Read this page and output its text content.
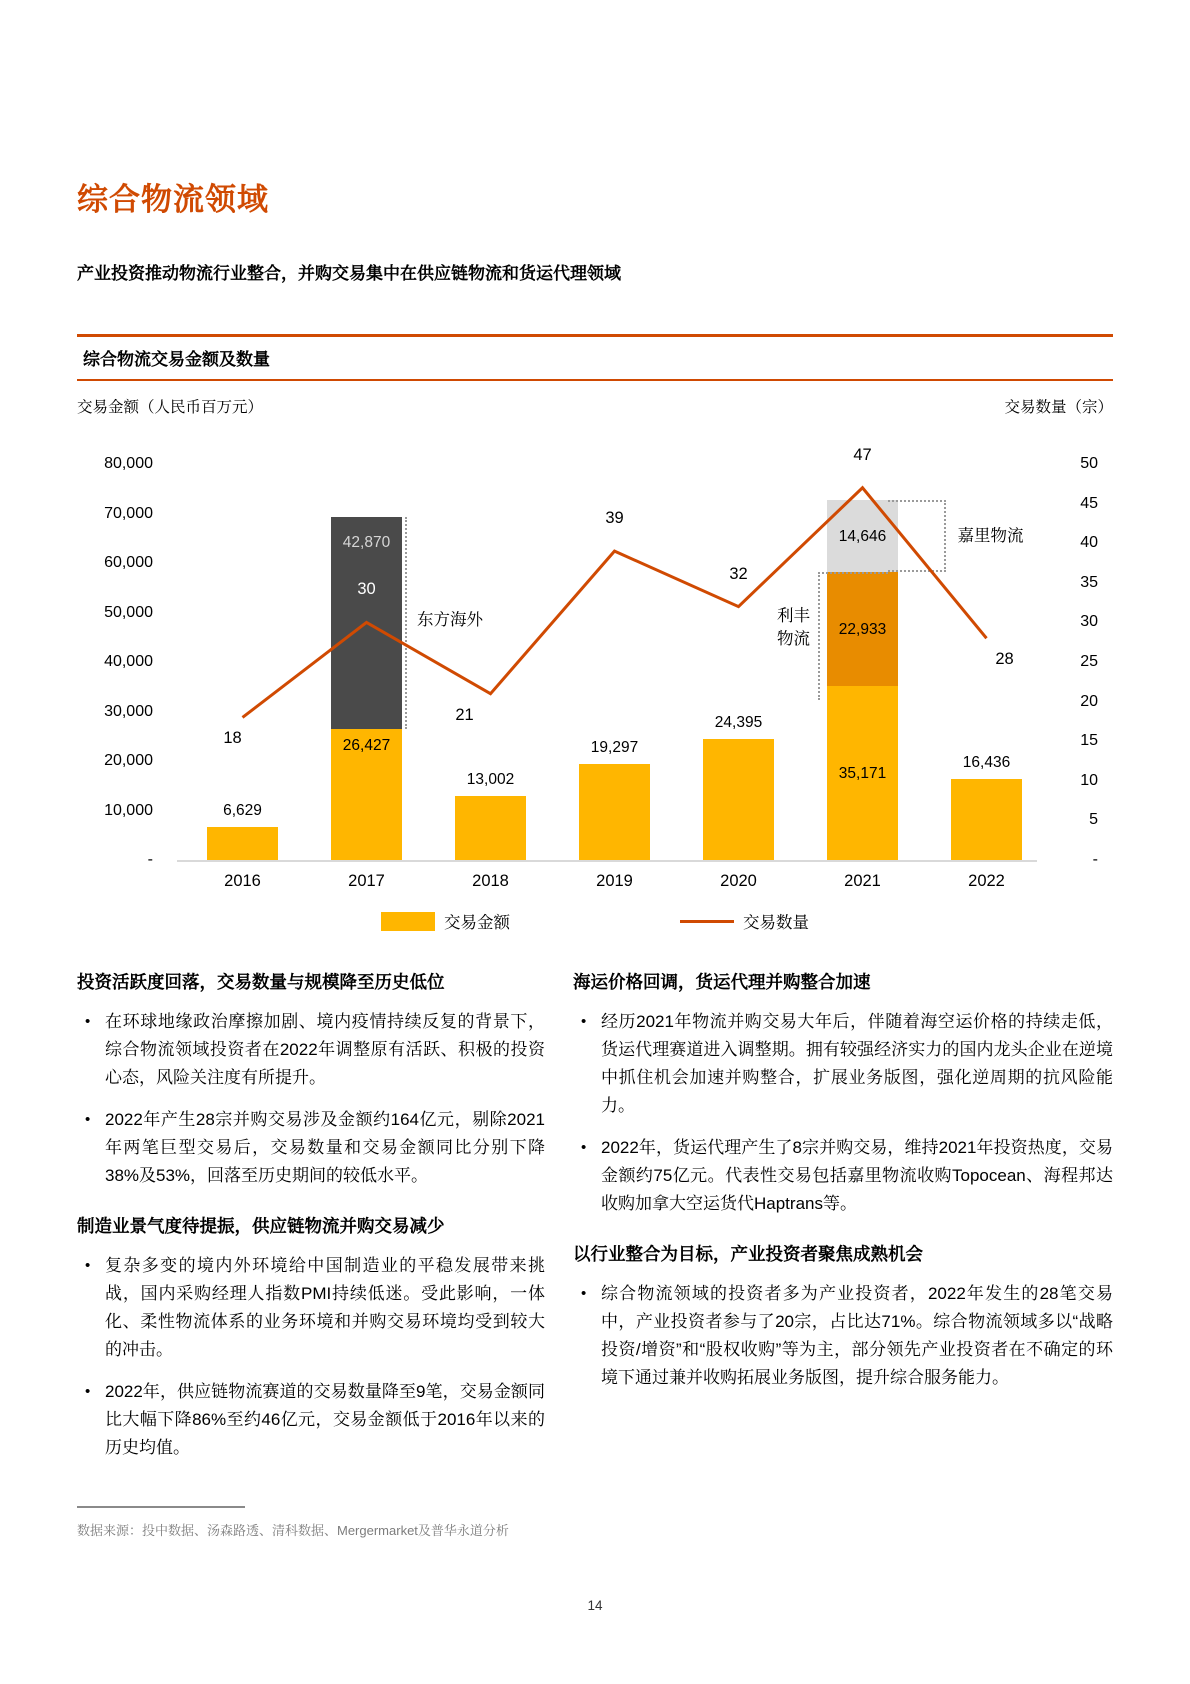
综合物流领域

产业投资推动物流行业整合，并购交易集中在供应链物流和货运代理领域

综合物流交易金额及数量
交易金额（人民币百万元）	交易数量（宗）
80,000
70,000
60,000
50,000
40,000
30,000
20,000
10,000
-
50
45
40
35
30
25
20
15
10
5
-
6,629
26,427
42,870
13,002
19,297
24,395
35,171
22,933
14,646
16,436
东方海外	利丰
物流
嘉里物流
18
30
21
39
32
47
28
2016	2017	2018	2019	2020	2021	2022
交易金额	交易数量
投资活跃度回落，交易数量与规模降至历史低位
• 在环球地缘政治摩擦加剧、境内疫情持续反复的背景下，综合物流领域投资者在2022年调整原有活跃、积极的投资心态，风险关注度有所提升。
• 2022年产生28宗并购交易涉及金额约164亿元，剔除2021年两笔巨型交易后，交易数量和交易金额同比分别下降38%及53%，回落至历史期间的较低水平。
制造业景气度待提振，供应链物流并购交易减少
• 复杂多变的境内外环境给中国制造业的平稳发展带来挑战，国内采购经理人指数PMI持续低迷。受此影响，一体化、柔性物流体系的业务环境和并购交易环境均受到较大的冲击。
• 2022年，供应链物流赛道的交易数量降至9笔，交易金额同比大幅下降86%至约46亿元，交易金额低于2016年以来的历史均值。
海运价格回调，货运代理并购整合加速
• 经历2021年物流并购交易大年后，伴随着海空运价格的持续走低，货运代理赛道进入调整期。拥有较强经济实力的国内龙头企业在逆境中抓住机会加速并购整合，扩展业务版图，强化逆周期的抗风险能力。
• 2022年，货运代理产生了8宗并购交易，维持2021年投资热度，交易金额约75亿元。代表性交易包括嘉里物流收购Topocean、海程邦达收购加拿大空运货代Haptrans等。
以行业整合为目标，产业投资者聚焦成熟机会
• 综合物流领域的投资者多为产业投资者，2022年发生的28笔交易中，产业投资者参与了20宗，占比达71%。综合物流领域多以“战略投资/增资”和“股权收购”等为主，部分领先产业投资者在不确定的环境下通过兼并收购拓展业务版图，提升综合服务能力。
数据来源：投中数据、汤森路透、清科数据、Mergermarket及普华永道分析
14
